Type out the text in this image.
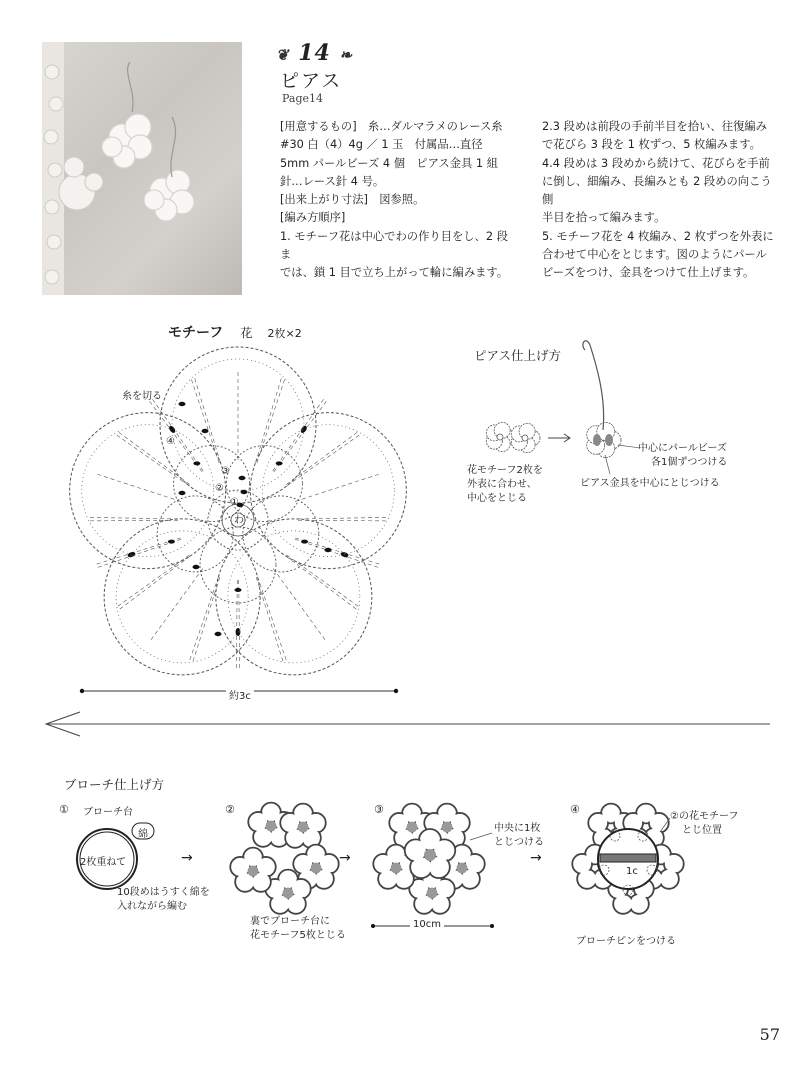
❦ 14 ❧
ピアス
Page14
[用意するもの]　糸…ダルマラメのレース糸
#30 白（4）4g ／ 1 玉　付属品…直径
5mm パールビーズ 4 個　ピアス金具 1 組
針…レース針 4 号。
[出来上がり寸法]　図参照。
[編み方順序]
1. モチーフ花は中心でわの作り目をし、2 段ま
では、鎖 1 目で立ち上がって輪に編みます。
2.3 段めは前段の手前半目を拾い、往復編み
で花びら 3 段を 1 枚ずつ、5 枚編みます。
4.4 段めは 3 段めから続けて、花びらを手前
に倒し、細編み、長編みとも 2 段めの向こう側
半目を拾って編みます。
5. モチーフ花を 4 枚編み、2 枚ずつを外表に
合わせて中心をとじます。図のようにパール
ビーズをつけ、金具をつけて仕上げます。
モチーフ 花 2枚×2
糸を切る
④
③
②
①
わ
約3c
ピアス仕上げ方
花モチーフ2枚を
外表に合わせ、
中心をとじる
中心にパールビーズ
各1個ずつつける
ピアス金具を中心にとじつける
ブローチ仕上げ方
① ブローチ台
綿
2枚重ねて
10段めはうすく綿を
入れながら編む
→	→	→
②
裏でブローチ台に
花モチーフ5枚とじる
③
中央に1枚
とじつける
10cm
④
②の花モチーフ
とじ位置
1c
ブローチピンをつける
57
